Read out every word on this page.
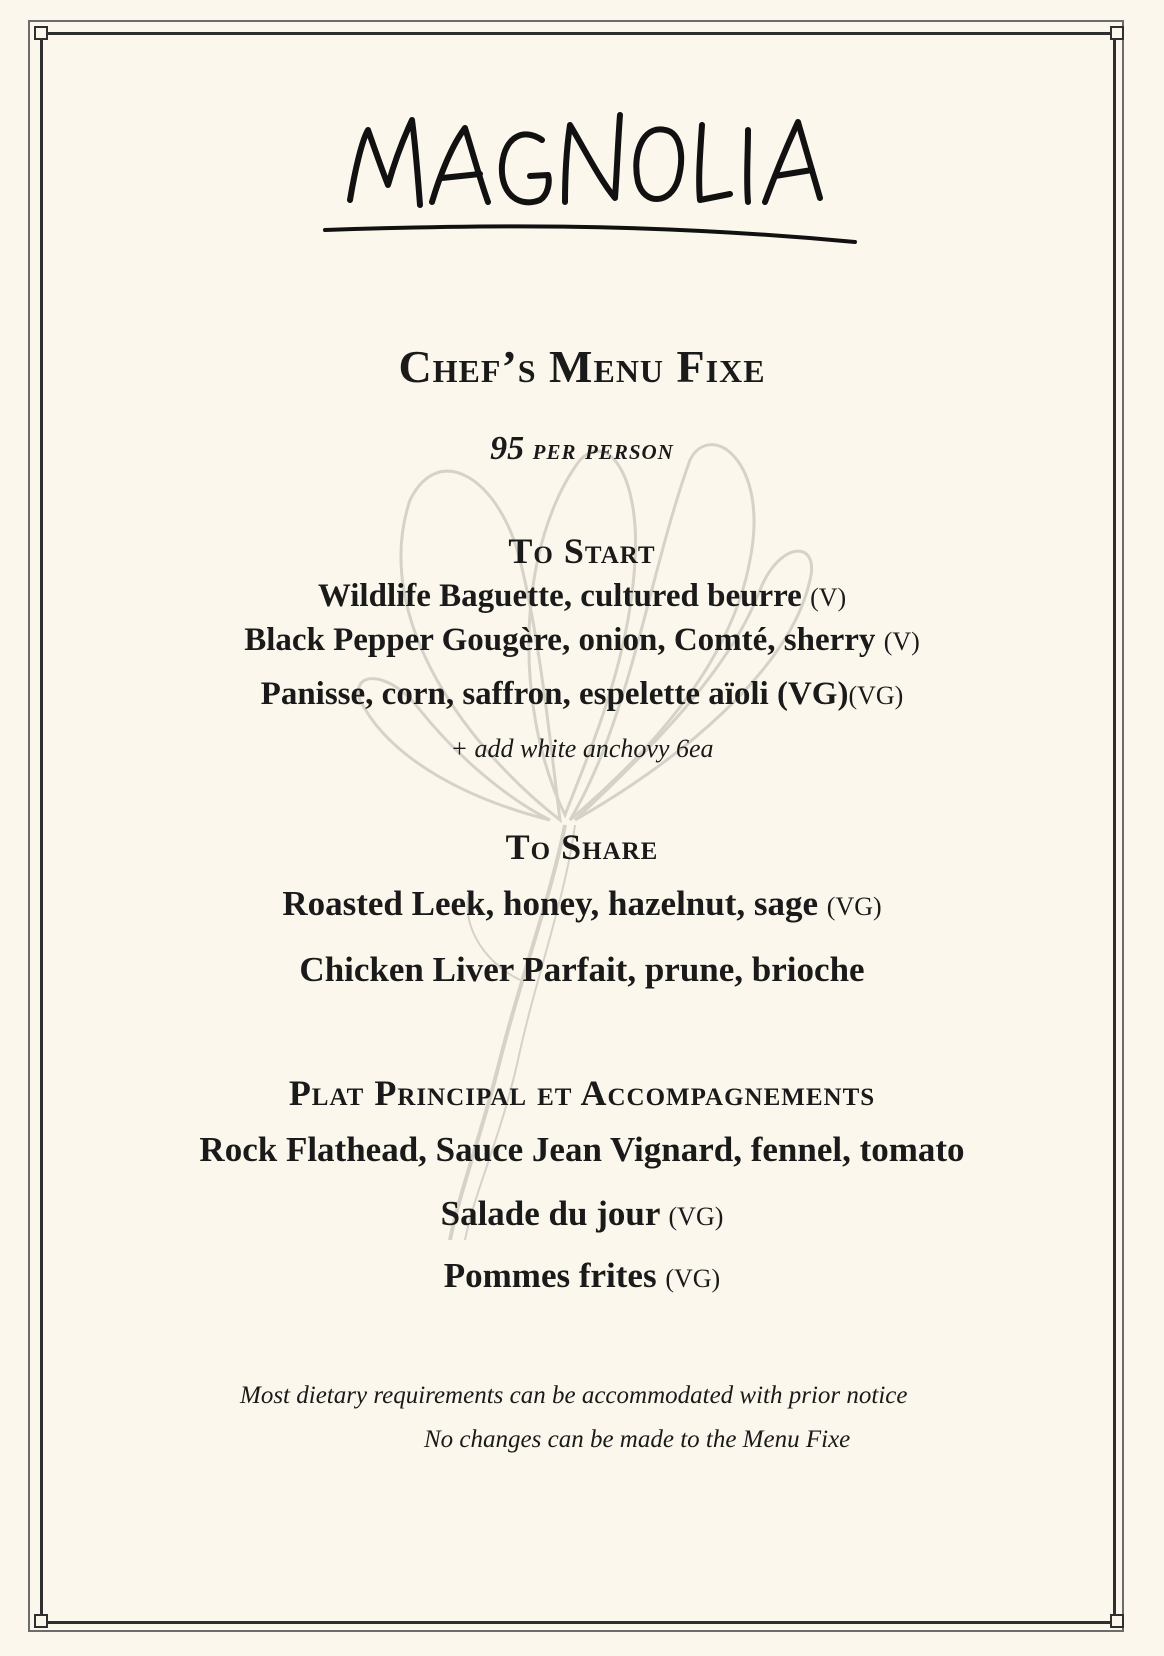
Chef’s Menu Fixe
95 per person
To Start
Wildlife Baguette, cultured beurre (V)
Black Pepper Gougère, onion, Comté, sherry (V)
Panisse, corn, saffron, espelette aïoli (VG)(VG)
+ add white anchovy 6ea
To Share
Roasted Leek, honey, hazelnut, sage (VG)
Chicken Liver Parfait, prune, brioche
Plat Principal et Accompagnements
Rock Flathead, Sauce Jean Vignard, fennel, tomato
Salade du jour (VG)
Pommes frites (VG)
Most dietary requirements can be accommodated with prior notice
No changes can be made to the Menu Fixe
